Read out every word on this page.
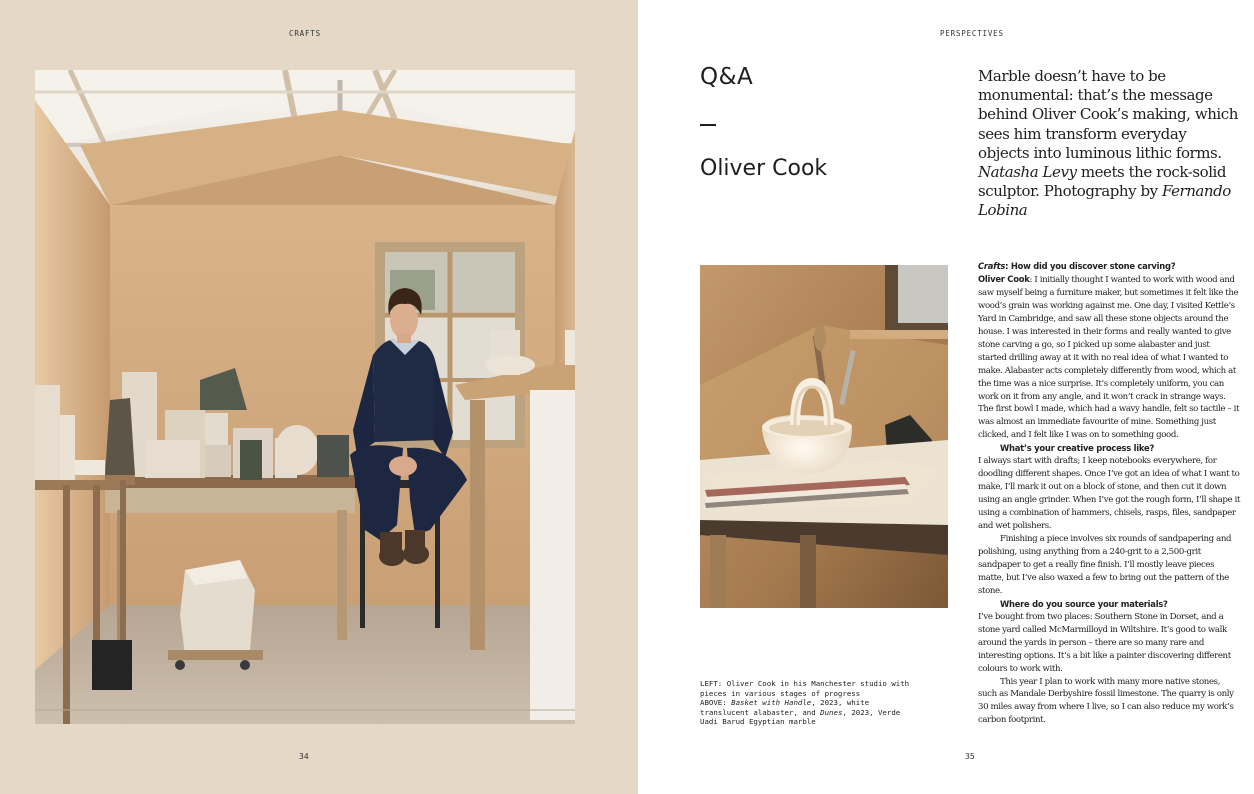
CRAFTS
34
PERSPECTIVES
35
Q&A
Oliver Cook
Marble doesn’t have to be monumental: that’s the message behind Oliver Cook’s making, which sees him transform everyday objects into luminous lithic forms. Natasha Levy meets the rock-solid sculptor. Photography by Fernando Lobina
LEFT: Oliver Cook in his Manchester studio with pieces in various stages of progress
ABOVE: Basket with Handle, 2023, white translucent alabaster, and Dunes, 2023, Verde Uadi Barud Egyptian marble

Crafts: How did you discover stone carving?

Oliver Cook: I initially thought I wanted to work with wood and saw myself being a furniture maker, but sometimes it felt like the wood’s grain was working against me. One day, I visited Kettle’s Yard in Cambridge, and saw all these stone objects around the house. I was interested in their forms and really wanted to give stone carving a go, so I picked up some alabaster and just started drilling away at it with no real idea of what I wanted to make. Alabaster acts completely differently from wood, which at the time was a nice surprise. It’s completely uniform, you can work on it from any angle, and it won’t crack in strange ways. The first bowl I made, which had a wavy handle, felt so tactile – it was almost an immediate favourite of mine. Something just clicked, and I felt like I was on to something good.

What’s your creative process like?

I always start with drafts; I keep notebooks everywhere, for doodling different shapes. Once I’ve got an idea of what I want to make, I’ll mark it out on a block of stone, and then cut it down using an angle grinder. When I’ve got the rough form, I’ll shape it using a combination of hammers, chisels, rasps, files, sandpaper and wet polishers.

Finishing a piece involves six rounds of sandpapering and polishing, using anything from a 240-grit to a 2,500-grit sandpaper to get a really fine finish. I’ll mostly leave pieces matte, but I’ve also waxed a few to bring out the pattern of the stone.

Where do you source your materials?

I’ve bought from two places: Southern Stone in Dorset, and a stone yard called McMarmilloyd in Wiltshire. It’s good to walk around the yards in person – there are so many rare and interesting options. It’s a bit like a painter discovering different colours to work with.

This year I plan to work with many more native stones, such as Mandale Derbyshire fossil limestone. The quarry is only 30 miles away from where I live, so I can also reduce my work’s carbon footprint.
